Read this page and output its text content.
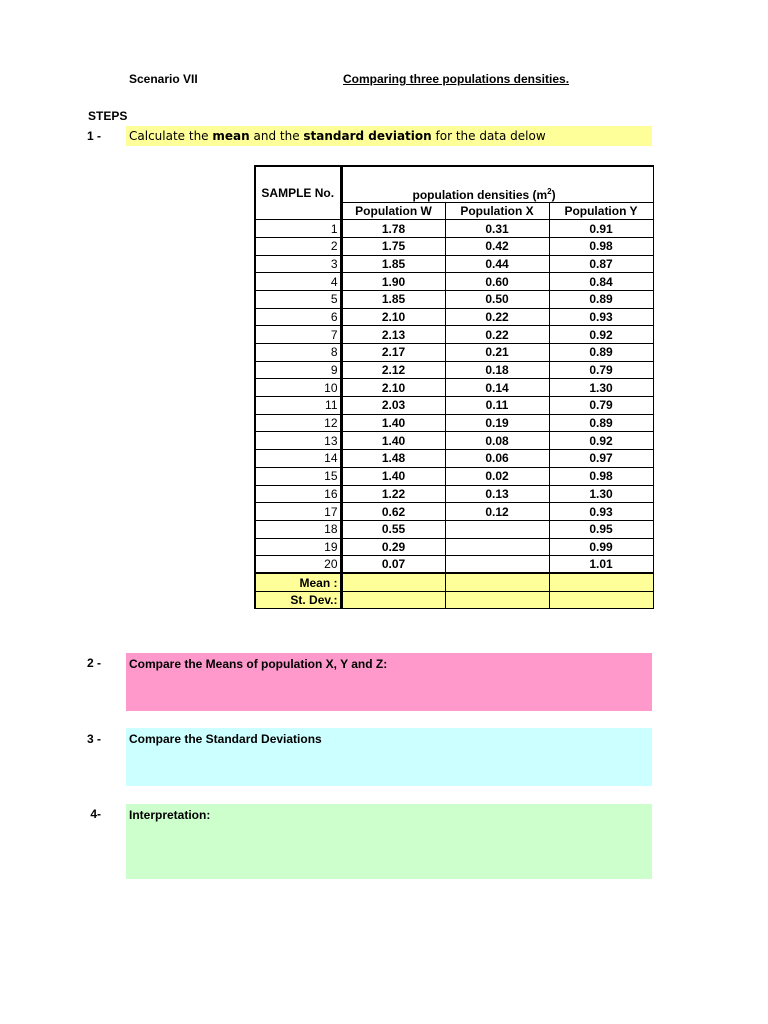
Scenario VII	Comparing three populations densities.
STEPS
1 - Calculate the mean and the standard deviation for the data delow
SAMPLE No.	population densities $(m^2)$		
	Population W	Population X	Population Y
1	1.78	0.31	0.91
2	1.75	0.42	0.98
3	1.85	0.44	0.87
4	1.90	0.60	0.84
5	1.85	0.50	0.89
6	2.10	0.22	0.93
7	2.13	0.22	0.92
8	2.17	0.21	0.89
9	2.12	0.18	0.79
10	2.10	0.14	1.30
11	2.03	0.11	0.79
12	1.40	0.19	0.89
13	1.40	0.08	0.92
14	1.48	0.06	0.97
15	1.40	0.02	0.98
16	1.22	0.13	1.30
17	0.62	0.12	0.93
18	0.55		0.95
19	0.29		0.99
20	0.07		1.01
Mean :			
St. Dev.:			
2 - Compare the Means of population X, Y and Z:
3 - Compare the Standard Deviations
4- Interpretation:
